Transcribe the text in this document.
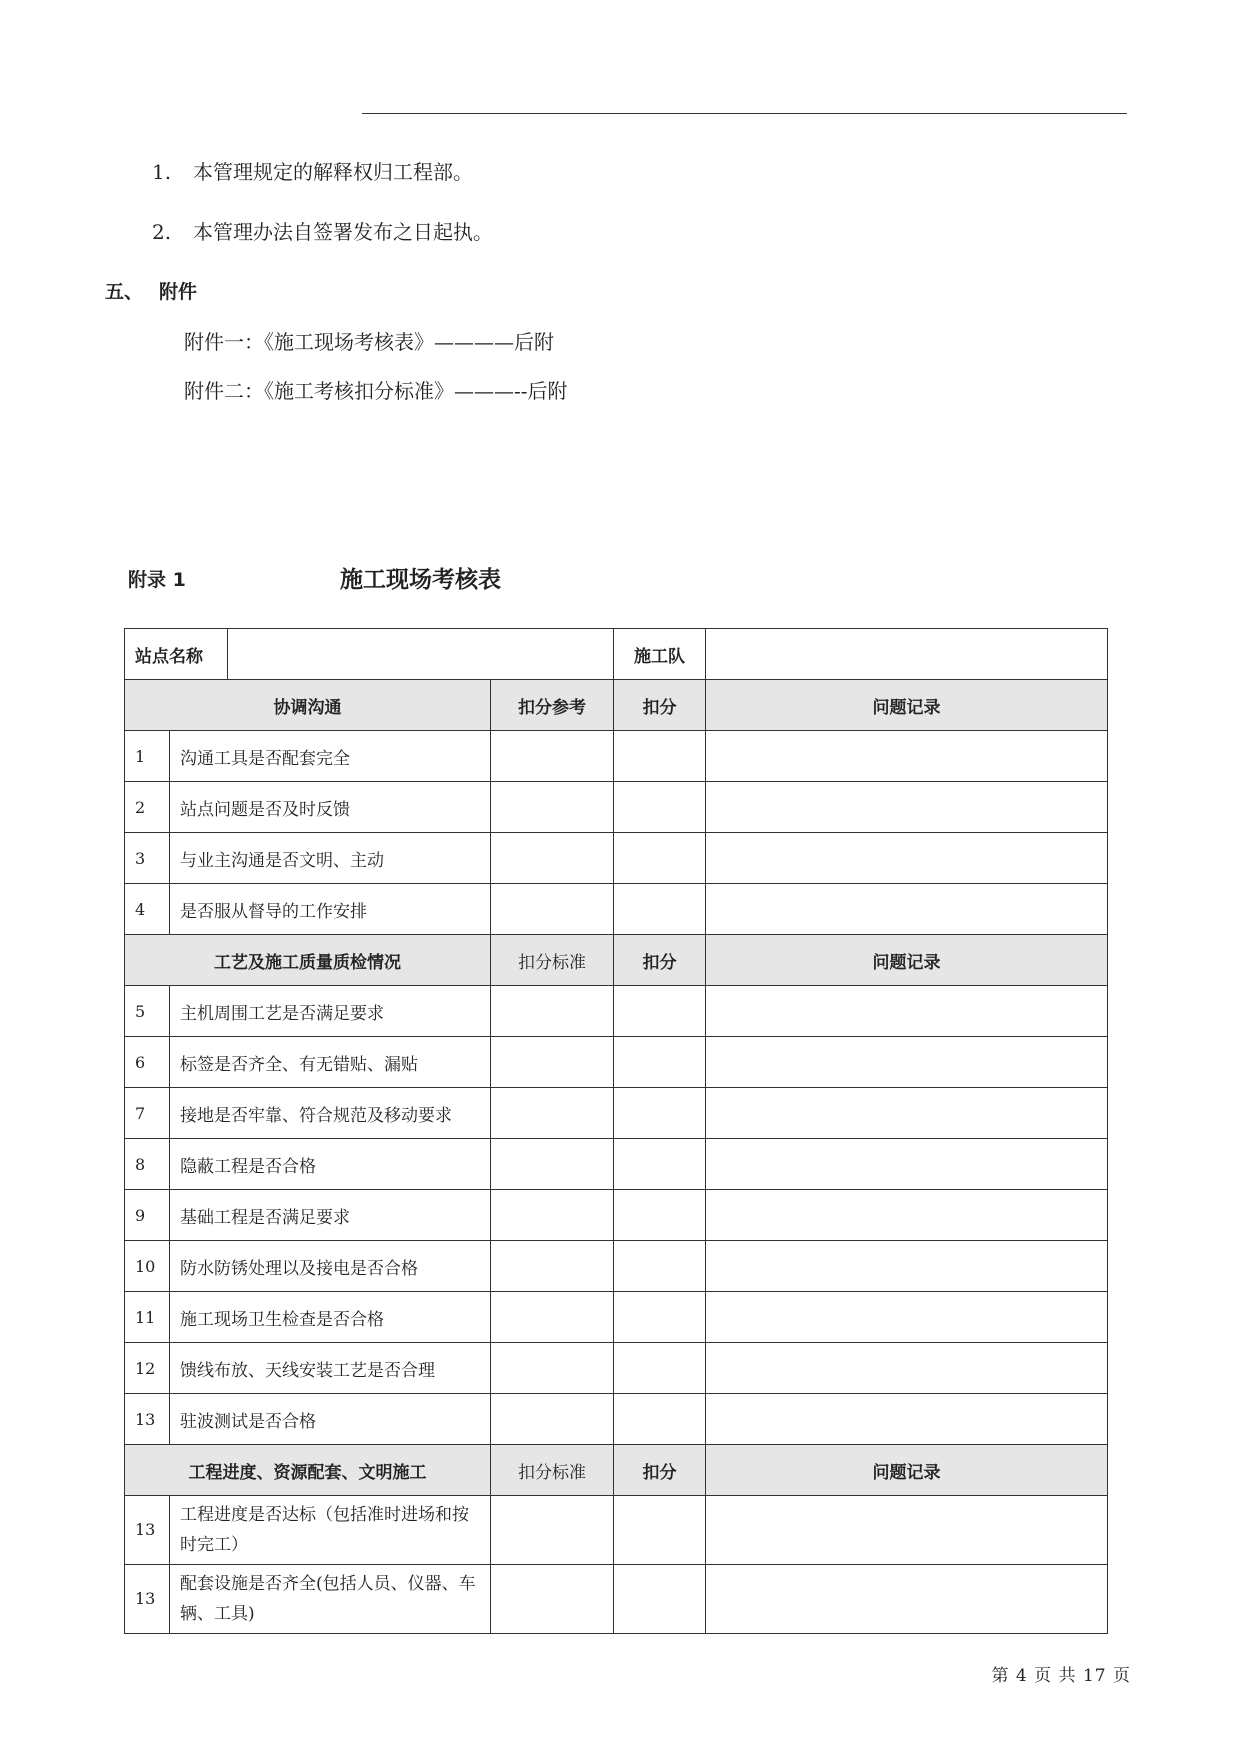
1. 本管理规定的解释权归工程部。
2. 本管理办法自签署发布之日起执。
五、 附件
附件一：《施工现场考核表》————后附
附件二：《施工考核扣分标准》———--后附
附录 1	施工现场考核表
站点名称				施工队	
协调沟通			扣分参考	扣分	问题记录
1	沟通工具是否配套完全				
2	站点问题是否及时反馈				
3	与业主沟通是否文明、主动				
4	是否服从督导的工作安排				
工艺及施工质量质检情况			扣分标准	扣分	问题记录
5	主机周围工艺是否满足要求				
6	标签是否齐全、有无错贴、漏贴				
7	接地是否牢靠、符合规范及移动要求				
8	隐蔽工程是否合格				
9	基础工程是否满足要求				
10	防水防锈处理以及接电是否合格				
11	施工现场卫生检查是否合格				
12	馈线布放、天线安装工艺是否合理				
13	驻波测试是否合格				
工程进度、资源配套、文明施工			扣分标准	扣分	问题记录
13	工程进度是否达标（包括准时进场和按时完工）				
13	配套设施是否齐全(包括人员、仪器、车辆、工具)				
第 4 页 共 17 页
